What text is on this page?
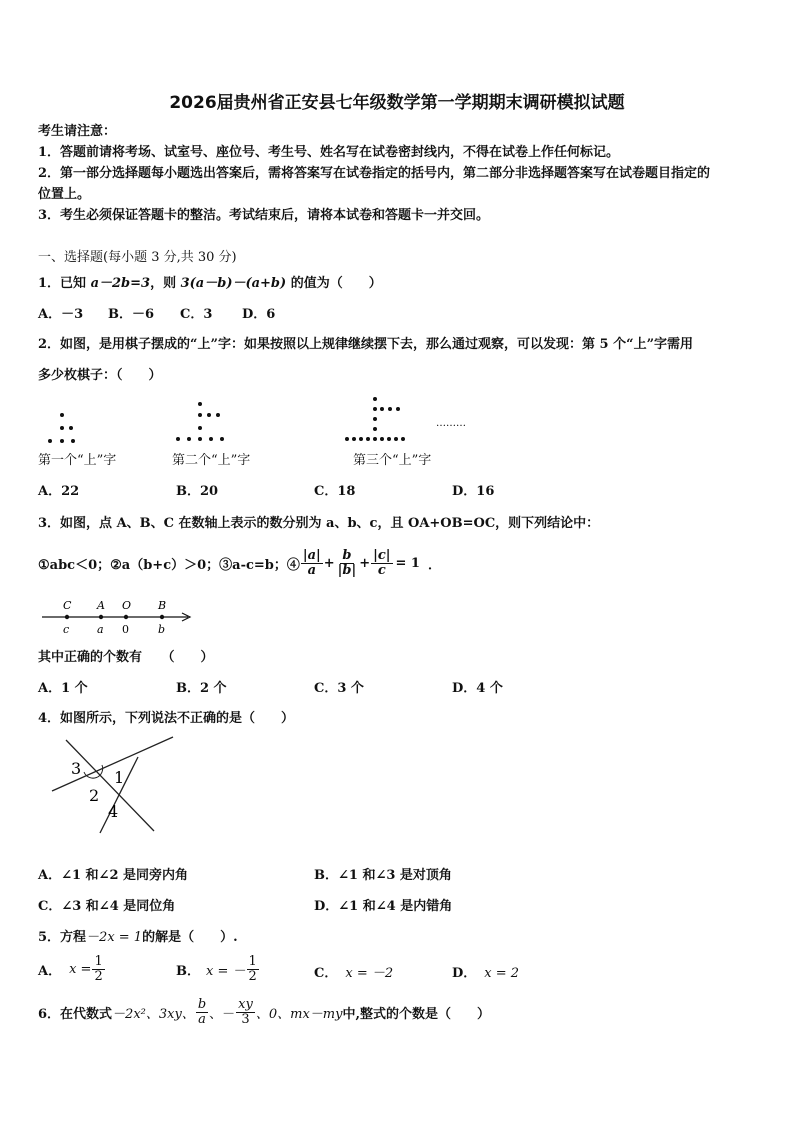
2026届贵州省正安县七年级数学第一学期期末调研模拟试题
考生请注意：
1．答题前请将考场、试室号、座位号、考生号、姓名写在试卷密封线内，不得在试卷上作任何标记。
2．第一部分选择题每小题选出答案后，需将答案写在试卷指定的括号内，第二部分非选择题答案写在试卷题目指定的
位置上。
3．考生必须保证答题卡的整洁。考试结束后，请将本试卷和答题卡一并交回。
一、选择题(每小题 3 分,共 30 分)
1．已知 a－2b=3，则 3(a－b)－(a+b) 的值为（　　）
A．－3 B．－6 C．3 D．6
2．如图，是用棋子摆成的“上”字：如果按照以上规律继续摆下去，那么通过观察，可以发现：第 5 个“上”字需用
多少枚棋子：（　　）
………
第一个“上”字	第二个“上”字	第三个“上”字
A．22	B．20	C．18	D．16
3．如图，点 A、B、C 在数轴上表示的数分别为 a、b、c，且 OA+OB=OC，则下列结论中：
①abc＜0；②a（b+c）＞0；③a-c=b；④ $\frac{|a|}{a} + \frac{b}{|b|} + \frac{|c|}{c} = 1$ ．
C A O B
c	a 0	b
其中正确的个数有　　（　　）
A．1 个	B．2 个	C．3 个	D．4 个
4．如图所示，下列说法不正确的是（　　）
3 1
2
4
A．∠1 和∠2 是同旁内角	B．∠1 和∠3 是对顶角
C．∠3 和∠4 是同位角	D．∠1 和∠4 是内错角
5．方程－2x = 1的解是（　　）.
A． $x = \frac{1}{2}$	B． x = － $\frac{1}{2}$	C． x = －2	D． x = 2
6．在代数式 －2x²、3xy、 $\frac{b}{a}$ 、－ $\frac{xy}{3}$ 、0、mx－my 中,整式的个数是（　　）
